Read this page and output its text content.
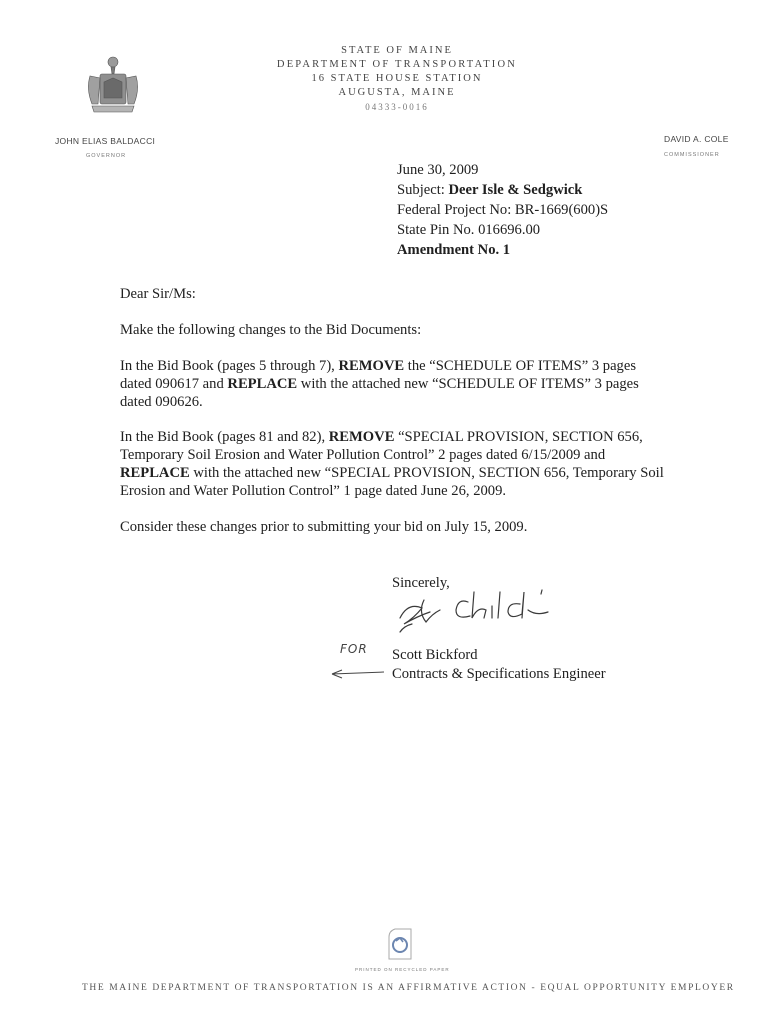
STATE OF MAINE
DEPARTMENT OF TRANSPORTATION
16 STATE HOUSE STATION
AUGUSTA, MAINE
04333-0016
JOHN ELIAS BALDACCI
GOVERNOR
DAVID A. COLE
COMMISSIONER
June 30, 2009
Subject: Deer Isle & Sedgwick
Federal Project No: BR-1669(600)S
State Pin No. 016696.00
Amendment No. 1
Dear Sir/Ms:
Make the following changes to the Bid Documents:
In the Bid Book (pages 5 through 7), REMOVE the “SCHEDULE OF ITEMS” 3 pages dated 090617 and REPLACE with the attached new “SCHEDULE OF ITEMS” 3 pages dated 090626.
In the Bid Book (pages 81 and 82), REMOVE “SPECIAL PROVISION, SECTION 656, Temporary Soil Erosion and Water Pollution Control” 2 pages dated 6/15/2009 and REPLACE with the attached new “SPECIAL PROVISION, SECTION 656, Temporary Soil Erosion and Water Pollution Control” 1 page dated June 26, 2009.
Consider these changes prior to submitting your bid on July 15, 2009.
Sincerely,
FOR Scott Bickford
Contracts & Specifications Engineer
PRINTED ON RECYCLED PAPER
THE MAINE DEPARTMENT OF TRANSPORTATION IS AN AFFIRMATIVE ACTION - EQUAL OPPORTUNITY EMPLOYER
